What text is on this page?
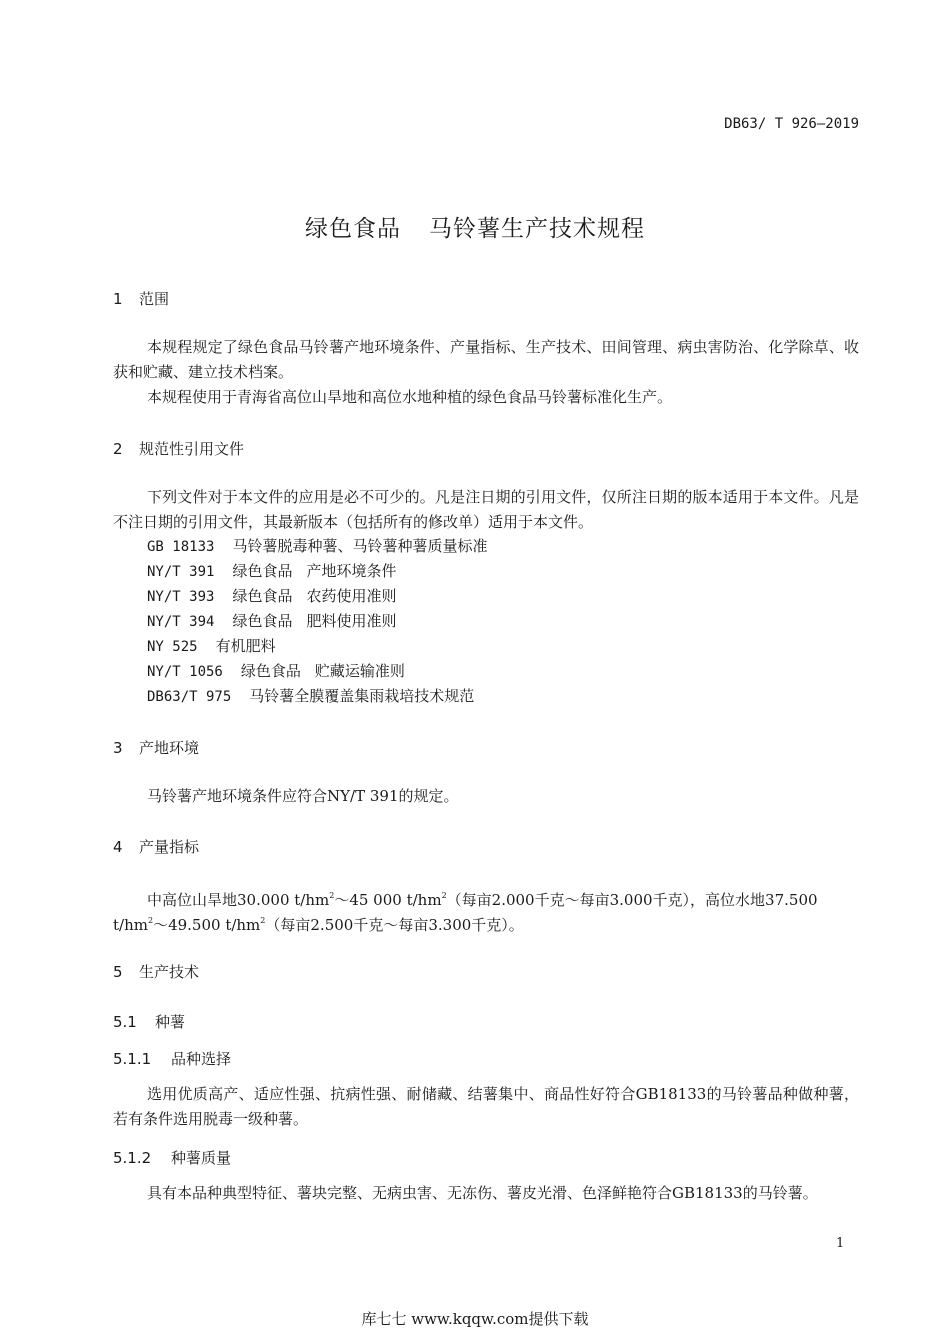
DB63/ T 926—2019
绿色食品 马铃薯生产技术规程
1 范围
本规程规定了绿色食品马铃薯产地环境条件、产量指标、生产技术、田间管理、病虫害防治、化学除草、收获和贮藏、建立技术档案。
本规程使用于青海省高位山旱地和高位水地种植的绿色食品马铃薯标准化生产。
2 规范性引用文件
下列文件对于本文件的应用是必不可少的。凡是注日期的引用文件，仅所注日期的版本适用于本文件。凡是不注日期的引用文件，其最新版本（包括所有的修改单）适用于本文件。
GB 18133 马铃薯脱毒种薯、马铃薯种薯质量标准
NY/T 391 绿色食品 产地环境条件
NY/T 393 绿色食品 农药使用准则
NY/T 394 绿色食品 肥料使用准则
NY 525 有机肥料
NY/T 1056 绿色食品 贮藏运输准则
DB63/T 975 马铃薯全膜覆盖集雨栽培技术规范
3 产地环境
马铃薯产地环境条件应符合NY/T 391的规定。
4 产量指标
中高位山旱地30.000 $t/hm^2\sim 45$ 000 $t/hm^2$（每亩2.000千克～每亩3.000千克），高位水地37.500
$t/hm^2\sim 49.500$ $t/hm^2$（每亩2.500千克～每亩3.300千克）。
5 生产技术
5.1 种薯
5.1.1 品种选择
选用优质高产、适应性强、抗病性强、耐储藏、结薯集中、商品性好符合GB18133的马铃薯品种做种薯，若有条件选用脱毒一级种薯。
5.1.2 种薯质量
具有本品种典型特征、薯块完整、无病虫害、无冻伤、薯皮光滑、色泽鲜艳符合GB18133的马铃薯。
1
库七七 www.kqqw.com提供下载
